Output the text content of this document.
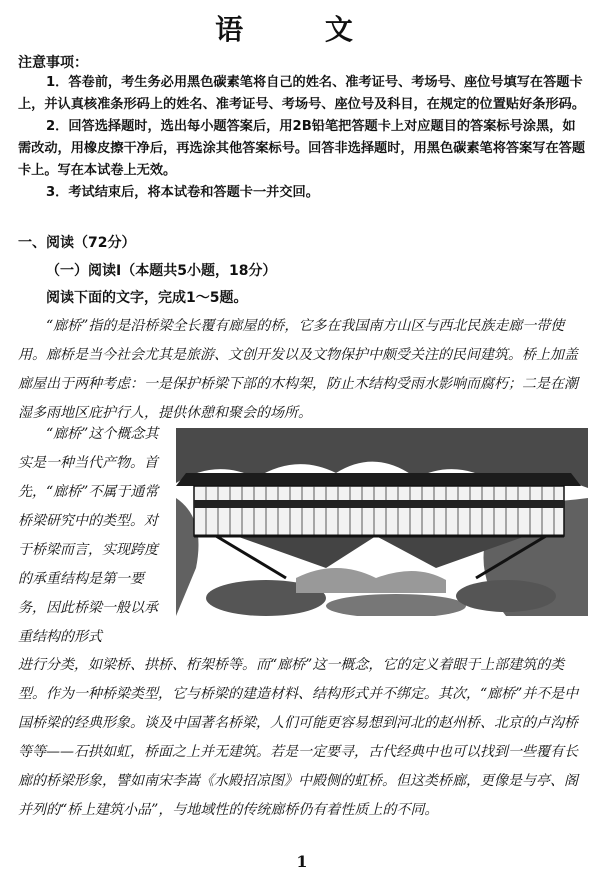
语 文
注意事项：

1．答卷前，考生务必用黑色碳素笔将自己的姓名、准考证号、考场号、座位号填写在答题卡上，并认真核准条形码上的姓名、准考证号、考场号、座位号及科目，在规定的位置贴好条形码。

2．回答选择题时，选出每小题答案后，用2B铅笔把答题卡上对应题目的答案标号涂黑，如需改动，用橡皮擦干净后，再选涂其他答案标号。回答非选择题时，用黑色碳素笔将答案写在答题卡上。写在本试卷上无效。

3．考试结束后，将本试卷和答题卡一并交回。

一、阅读（72分）
（一）阅读Ⅰ（本题共5小题，18分）
阅读下面的文字，完成1～5题。

“廊桥”指的是沿桥梁全长覆有廊屋的桥，它多在我国南方山区与西北民族走廊一带使用。廊桥是当今社会尤其是旅游、文创开发以及文物保护中颇受关注的民间建筑。桥上加盖廊屋出于两种考虑：一是保护桥梁下部的木构架，防止木结构受雨水影响而腐朽；二是在潮湿多雨地区庇护行人，提供休憩和聚会的场所。

“廊桥”这个概念其实是一种当代产物。首先，“廊桥”不属于通常桥梁研究中的类型。对于桥梁而言，实现跨度的承重结构是第一要务，因此桥梁一般以承重结构的形式

进行分类，如梁桥、拱桥、桁架桥等。而“廊桥”这一概念，它的定义着眼于上部建筑的类型。作为一种桥梁类型，它与桥梁的建造材料、结构形式并不绑定。其次，“廊桥”并不是中国桥梁的经典形象。谈及中国著名桥梁，人们可能更容易想到河北的赵州桥、北京的卢沟桥等等——石拱如虹，桥面之上并无建筑。若是一定要寻，古代经典中也可以找到一些覆有长廊的桥梁形象，譬如南宋李嵩《水殿招凉图》中殿侧的虹桥。但这类桥廊，更像是与亭、阁并列的“桥上建筑小品”，与地域性的传统廊桥仍有着性质上的不同。

1
